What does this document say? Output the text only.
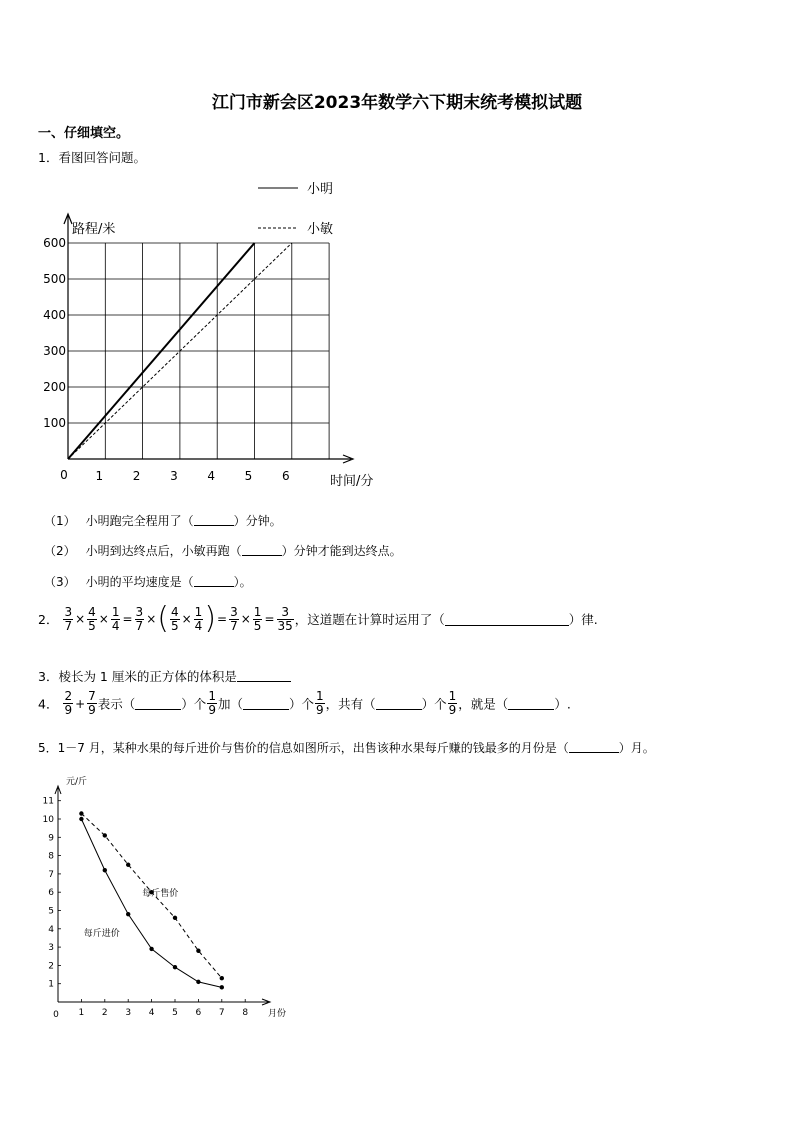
江门市新会区2023年数学六下期末统考模拟试题
一、仔细填空。
1．看图回答问题。
小明
小敏
路程/米
时间/分
0 1 2 3 4 5 6
100
200
300
400
500
600
（1） 小明跑完全程用了（	）分钟。
（2） 小明到达终点后，小敏再跑（	）分钟才能到达终点。
（3） 小明的平均速度是（	）。
2． $\frac{3}{7} \times \frac{4}{5} \times \frac{1}{4} = \frac{3}{7}$ ×( $\frac{4}{5} \times \frac{1}{4}$ )= $\frac{3}{7} \times \frac{1}{5} = \frac{3}{35}$ ，这道题在计算时运用了（	）律.
3．棱长为 1 厘米的正方体的体积是
4． $\frac{2}{9} + \frac{7}{9}$ 表示（	）个 $\frac{1}{9}$ 加（	）个 $\frac{1}{9}$ ，共有（	）个 $\frac{1}{9}$ ，就是（	）.
5．1－7 月，某种水果的每斤进价与售价的信息如图所示，出售该种水果每斤赚的钱最多的月份是（	）月。
元/斤
月份
0 1 2 3 4 5 6 7 8
1
2
3
4
5
6
7
8
9
10
11
每斤售价
每斤进价
